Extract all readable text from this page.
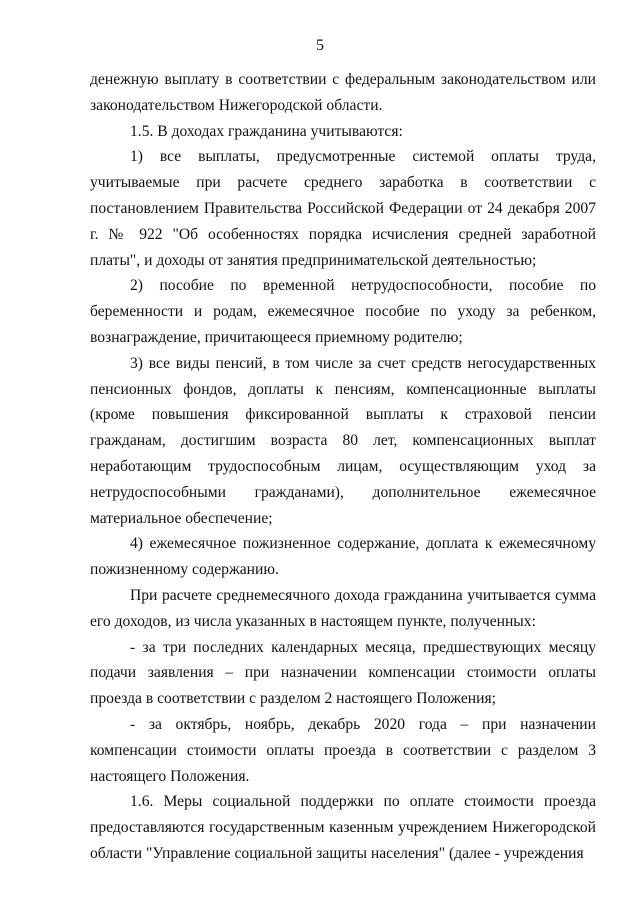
5

денежную выплату в соответствии с федеральным законодательством или законодательством Нижегородской области.

1.5. В доходах гражданина учитываются:

1) все выплаты, предусмотренные системой оплаты труда, учитываемые при расчете среднего заработка в соответствии с постановлением Правительства Российской Федерации от 24 декабря 2007 г. № 922 "Об особенностях порядка исчисления средней заработной платы", и доходы от занятия предпринимательской деятельностью;

2) пособие по временной нетрудоспособности, пособие по беременности и родам, ежемесячное пособие по уходу за ребенком, вознаграждение, причитающееся приемному родителю;

3) все виды пенсий, в том числе за счет средств негосударственных пенсионных фондов, доплаты к пенсиям, компенсационные выплаты (кроме повышения фиксированной выплаты к страховой пенсии гражданам, достигшим возраста 80 лет, компенсационных выплат неработающим трудоспособным лицам, осуществляющим уход за нетрудоспособными гражданами), дополнительное ежемесячное материальное обеспечение;

4) ежемесячное пожизненное содержание, доплата к ежемесячному пожизненному содержанию.

При расчете среднемесячного дохода гражданина учитывается сумма его доходов, из числа указанных в настоящем пункте, полученных:

- за три последних календарных месяца, предшествующих месяцу подачи заявления – при назначении компенсации стоимости оплаты проезда в соответствии с разделом 2 настоящего Положения;

- за октябрь, ноябрь, декабрь 2020 года – при назначении компенсации стоимости оплаты проезда в соответствии с разделом 3 настоящего Положения.

1.6. Меры социальной поддержки по оплате стоимости проезда предоставляются государственным казенным учреждением Нижегородской области "Управление социальной защиты населения" (далее - учреждения
